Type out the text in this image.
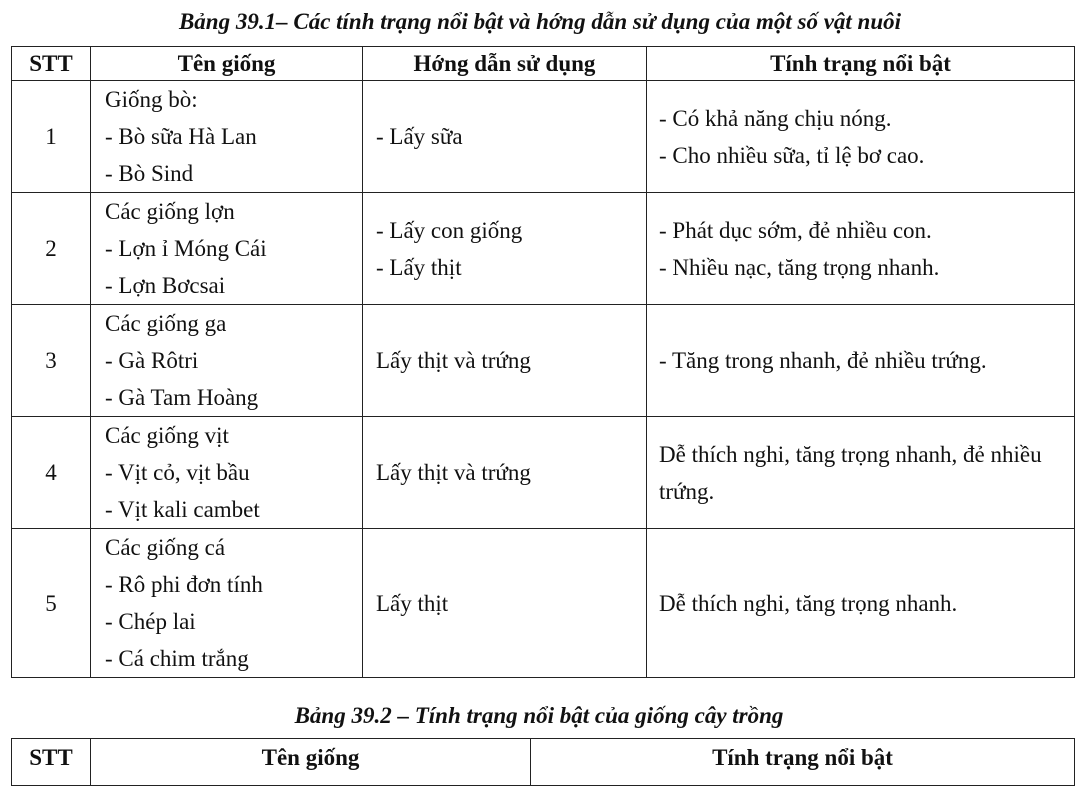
Bảng 39.1– Các tính trạng nổi bật và hớng dẫn sử dụng của một số vật nuôi
STT	Tên giống	Hớng dẫn sử dụng	Tính trạng nổi bật
1	Giống bò:
- Bò sữa Hà Lan
- Bò Sind	- Lấy sữa	- Có khả năng chịu nóng.
- Cho nhiều sữa, tỉ lệ bơ cao.

2	Các giống lợn
- Lợn ỉ Móng Cái
- Lợn Bơcsai	- Lấy con giống
- Lấy thịt	- Phát dục sớm, đẻ nhiều con.
- Nhiều nạc, tăng trọng nhanh.

3	Các giống ga
- Gà Rôtri
- Gà Tam Hoàng	Lấy thịt và trứng	- Tăng trong nhanh, đẻ nhiều trứng.

4	Các giống vịt
- Vịt cỏ, vịt bầu
- Vịt kali cambet	Lấy thịt và trứng	Dễ thích nghi, tăng trọng nhanh, đẻ nhiều trứng.

5	Các giống cá
- Rô phi đơn tính
- Chép lai
- Cá chim trắng	Lấy thịt	Dễ thích nghi, tăng trọng nhanh.
Bảng 39.2 – Tính trạng nổi bật của giống cây trồng
STT	Tên giống	Tính trạng nổi bật
